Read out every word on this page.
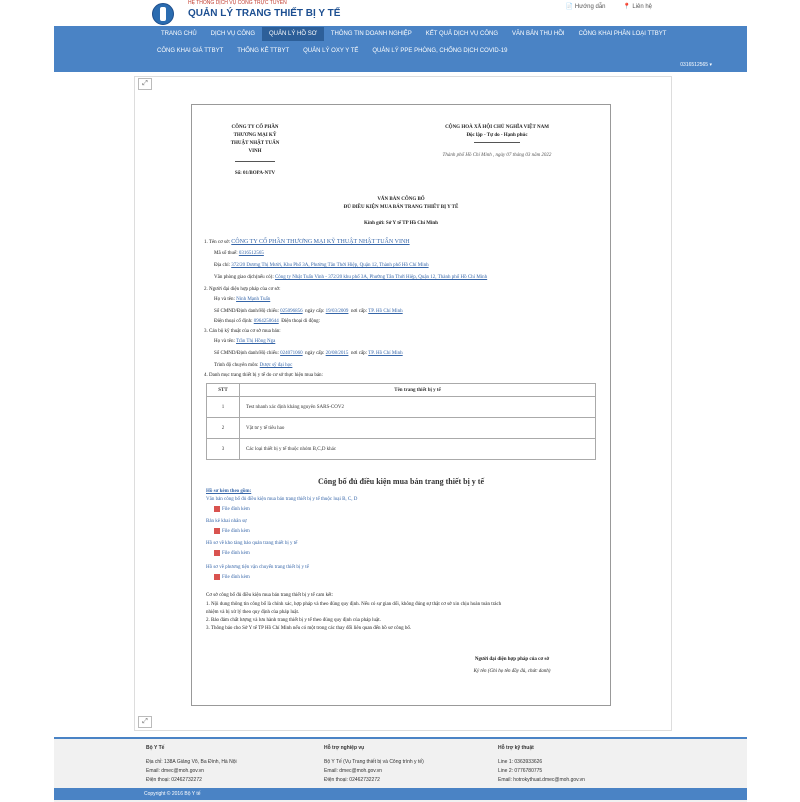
HỆ THỐNG DỊCH VỤ CÔNG TRỰC TUYẾN
QUẢN LÝ TRANG THIẾT BỊ Y TẾ
📄 Hướng dẫn	📍 Liên hệ
TRANG CHỦ	DỊCH VỤ CÔNG	QUẢN LÝ HỒ SƠ	THÔNG TIN DOANH NGHIỆP	KẾT QUẢ DỊCH VỤ CÔNG	VĂN BẢN THU HỒI	CÔNG KHAI PHÂN LOẠI TTBYT
CÔNG KHAI GIÁ TTBYT	THỐNG KÊ TTBYT	QUẢN LÝ OXY Y TẾ	QUẢN LÝ PPE PHÒNG, CHỐNG DỊCH COVID-19
0316512565 ▾
⤢
⤢
CÔNG TY CỔ PHẦN
THƯƠNG MẠI KỸ
THUẬT NHẬT TUẤN
VINH
Số: 01/BOPA-NTV
CỘNG HOÀ XÃ HỘI CHỦ NGHĨA VIỆT NAM
Độc lập - Tự do - Hạnh phúc
Thành phố Hồ Chí Minh , ngày 07 tháng 03 năm 2022
VĂN BẢN CÔNG BỐ
ĐỦ ĐIỀU KIỆN MUA BÁN TRANG THIẾT BỊ Y TẾ
Kính gửi: Sở Y tế TP Hồ Chí Minh
1. Tên cơ sở: CÔNG TY CỔ PHẦN THƯƠNG MẠI KỸ THUẬT NHẬT TUẤN VINH
Mã số thuế: 0316512565
Địa chỉ: 372/20 Dương Thị Mười, Khu Phố 3A, Phường Tân Thới Hiệp, Quận 12, Thành phố Hồ Chí Minh
Văn phòng giao dịch(nếu có): Công ty Nhật Tuấn Vinh - 372/20 khu phố 3A, Phường Tân Thới Hiệp, Quận 12, Thành phố Hồ Chí Minh
2. Người đại diện hợp pháp của cơ sở:
Họ và tên: Ninh Mạnh Tuấn
Số CMND/Định danh/Hộ chiếu: 025096856 ngày cấp: 19/03/2009 nơi cấp: TP. Hồ Chí Minh
Điện thoại cố định: 0964250644 Điện thoại di động:
3. Cán bộ kỹ thuật của cơ sở mua bán:
Họ và tên: Trần Thị Hồng Nga
Số CMND/Định danh/Hộ chiếu: 024071060 ngày cấp: 20/08/2015 nơi cấp: TP. Hồ Chí Minh
Trình độ chuyên môn: Dược sỹ đại học
4. Danh mục trang thiết bị y tế do cơ sở thực hiện mua bán:
STT	Tên trang thiết bị y tế
1	Test nhanh xác định kháng nguyên SARS-COV2
2	Vật tư y tế tiêu hao
3	Các loại thiết bị y tế thuộc nhóm B,C,D khác
Công bố đủ điều kiện mua bán trang thiết bị y tế
Hồ sơ kèm theo gồm:
Văn bản công bố đủ điều kiện mua bán trang thiết bị y tế thuộc loại B, C, D
File đính kèm
Bản kê khai nhân sự
File đính kèm
Hồ sơ về kho tàng bảo quản trang thiết bị y tế
File đính kèm
Hồ sơ về phương tiện vận chuyển trang thiết bị y tế
File đính kèm
Cơ sở công bố đủ điều kiện mua bán trang thiết bị y tế cam kết:
1. Nội dung thông tin công bố là chính xác, hợp pháp và theo đúng quy định. Nếu có sự gian dối, không đúng sự thật cơ sở xin chịu hoàn toàn trách
nhiệm và bị xử lý theo quy định của pháp luật.
2. Bảo đảm chất lượng và lưu hành trang thiết bị y tế theo đúng quy định của pháp luật.
3. Thông báo cho Sở Y tế TP Hồ Chí Minh nếu có một trong các thay đổi liên quan đến hồ sơ công bố.
Người đại diện hợp pháp của cơ sở
Ký tên (Ghi họ tên đầy đủ, chức danh)
Bộ Y Tế
Địa chỉ: 138A Giảng Võ, Ba Đình, Hà Nội
Email: dmec@moh.gov.vn
Điện thoại: 02462732272
Hỗ trợ nghiệp vụ
Bộ Y Tế (Vụ Trang thiết bị và Công trình y tế)
Email: dmec@moh.gov.vn
Điện thoại: 02462732272
Hỗ trợ kỹ thuật
Line 1: 0363933626
Line 2: 0776780775
Email: hotrokythuat.dmec@moh.gov.vn
Copyright © 2016 Bộ Y tế
